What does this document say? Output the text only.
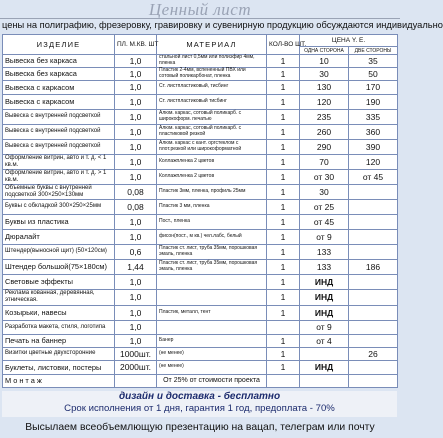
Ценный лист
цены на полиграфию, фрезеровку, гравировку и сувенирную продукцию обсуждаются индивидуально
ИЗДЕЛИЕ	ПЛ. М.КВ. ШТ	МАТЕРИАЛ	КОЛ-ВО ШТ.	ЦЕНА Y. E.	
				ОДНА СТОРОНА	ДВЕ СТОРОНЫ
Вывеска без каркаса	1,0	стальной лист 0,5мм или полиэфир 4мм, пленка	1	10	35
Вывеска без каркаса	1,0	Пластик 2-4мм, вспененный ПВХ или сотовый поликарбонат, пленка	1	30	50
Вывеска с каркасом	1,0	Ст. листпластиковый, тисбинг	1	130	170
Вывеска с каркасом	1,0	Ст. листпластиковый тисбинг	1	120	190
Вывеска с внутренней подсветкой	1,0	Алюм. каркас, сотовый поликарб. с широкоформ. печатью	1	235	335
Вывеска с внутренней подсветкой	1,0	Алюм. каркас, сотовый поликарб. с пластиковой резкой	1	260	360
Вывеска с внутренней подсветкой	1,0	Алюм. каркас с кант. оргстеклом с плот.резкой или широкоформатной	1	290	390
Оформление витрин, авто и т. д. < 1 кв.м.	1,0	Коллажпленка 2 цветов	1	70	120
Оформление витрин, авто и т. д. > 1 кв.м.	1,0	Коллажпленка 2 цветов	1	от 30	от 45
Объемные буквы с внутренней подсветкой 300×250×130мм	0,08	Пластик 3мм, пленка, профиль 25мм	1	30	
Буквы с обкладкой 300×250×25мм	0,08	Пластик 3 мм, пленка	1	от 25	
Буквы из пластика	1,0	Пост., пленка	1	от 45	
Дюралайт	1,0	фиcoн(пост., м кв.) чел.лабс, белый	1	от 9	
Штендер(выносной щит) (50×120см)	0,6	Пластик ст. лист, труба 35мм, порошковая эмаль, пленка	1	133	
Штендер большой(75×180см)	1,44	Пластик ст. лист, труба 35мм, порошковая эмаль, пленка	1	133	186
Световые эффекты	1,0		1	ИНД	
Реклама кованная, деревянная, этническая.	1,0		1	ИНД	
Козырьки, навесы	1,0	Пластик, металл, тент	1	ИНД	
Разработка макета, стиля, логотипа	1,0			от 9	
Печать на баннер	1,0	Банер	1	от 4	
Визитки цветные двухсторонние	1000шт.	(не менее)	1		26
Буклеты, листовки, постеры	2000шт.	(не менее)	1	ИНД	
Монтаж		От 25% от стоимости проекта			
дизайн и доставка - бесплатно
Срок исполнения от 1 дня, гарантия 1 год, предоплата - 70%
Высылаем всеобъемлющую презентацию на вацап, телеграм или почту
